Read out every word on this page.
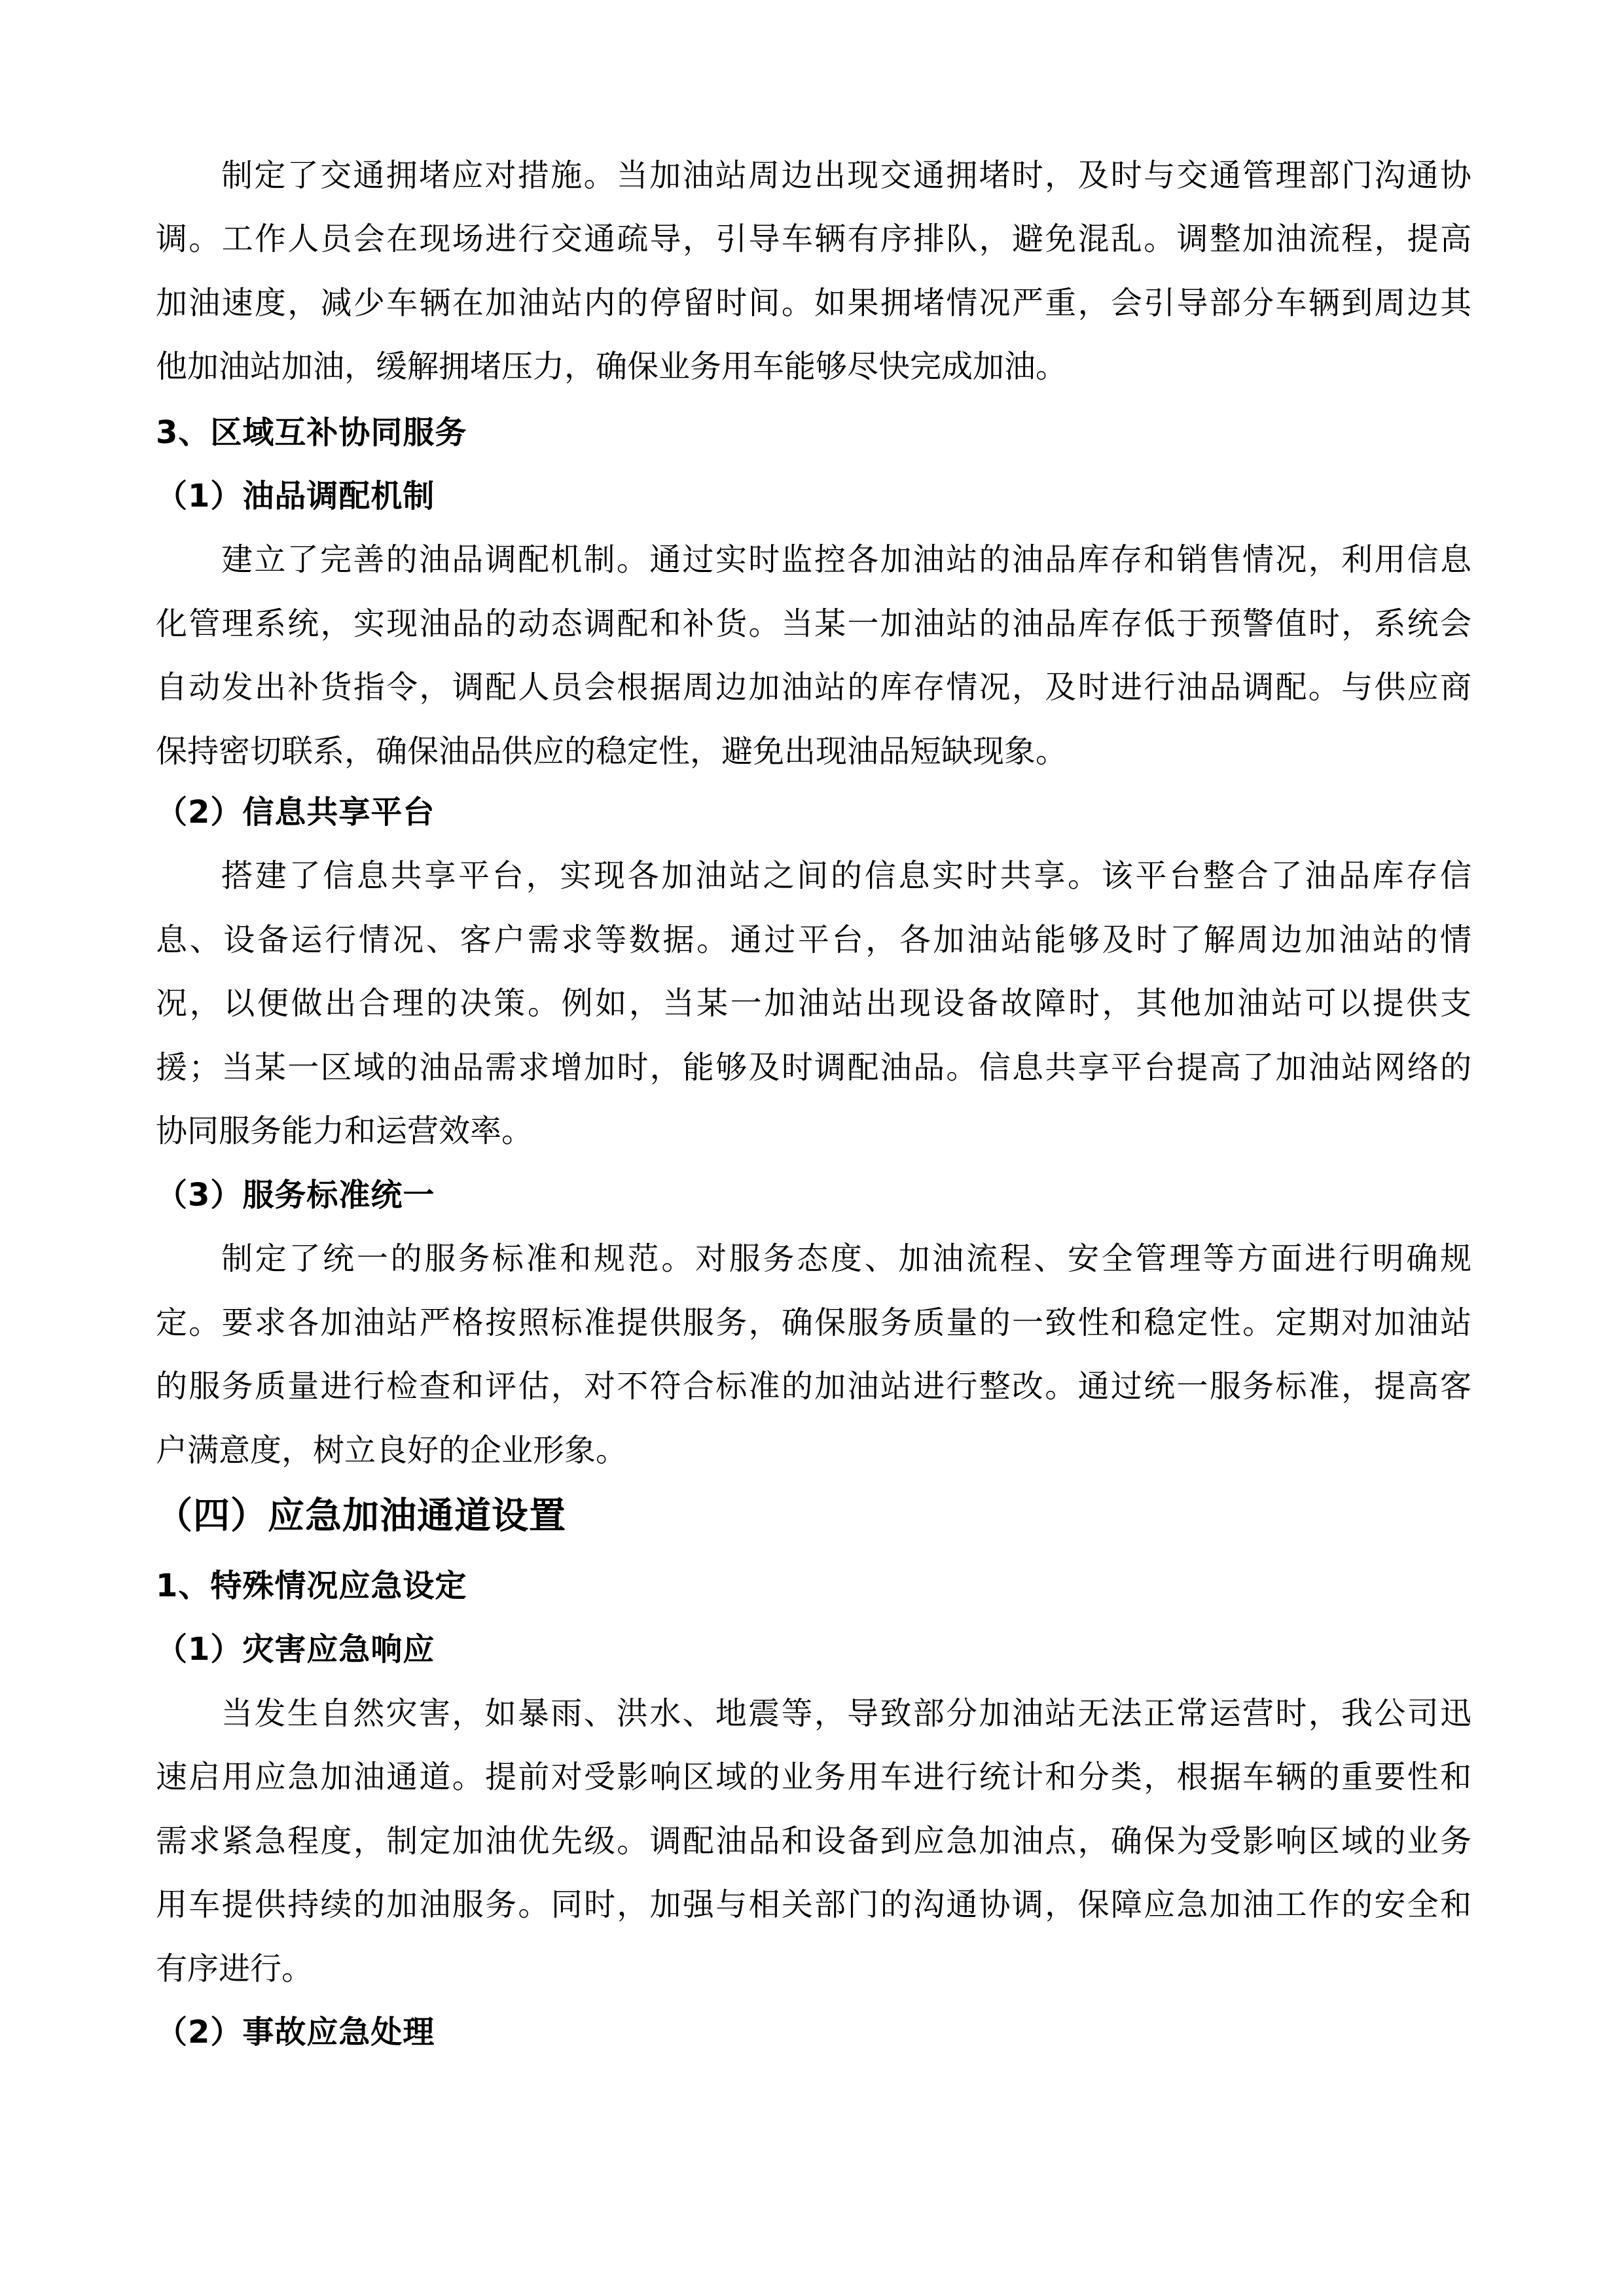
制定了交通拥堵应对措施。当加油站周边出现交通拥堵时，及时与交通管理部门沟通协
调。工作人员会在现场进行交通疏导，引导车辆有序排队，避免混乱。调整加油流程，提高
加油速度，减少车辆在加油站内的停留时间。如果拥堵情况严重，会引导部分车辆到周边其
他加油站加油，缓解拥堵压力，确保业务用车能够尽快完成加油。
3、区域互补协同服务
（1）油品调配机制
建立了完善的油品调配机制。通过实时监控各加油站的油品库存和销售情况，利用信息
化管理系统，实现油品的动态调配和补货。当某一加油站的油品库存低于预警值时，系统会
自动发出补货指令，调配人员会根据周边加油站的库存情况，及时进行油品调配。与供应商
保持密切联系，确保油品供应的稳定性，避免出现油品短缺现象。
（2）信息共享平台
搭建了信息共享平台，实现各加油站之间的信息实时共享。该平台整合了油品库存信
息、设备运行情况、客户需求等数据。通过平台，各加油站能够及时了解周边加油站的情
况，以便做出合理的决策。例如，当某一加油站出现设备故障时，其他加油站可以提供支
援；当某一区域的油品需求增加时，能够及时调配油品。信息共享平台提高了加油站网络的
协同服务能力和运营效率。
（3）服务标准统一
制定了统一的服务标准和规范。对服务态度、加油流程、安全管理等方面进行明确规
定。要求各加油站严格按照标准提供服务，确保服务质量的一致性和稳定性。定期对加油站
的服务质量进行检查和评估，对不符合标准的加油站进行整改。通过统一服务标准，提高客
户满意度，树立良好的企业形象。
（四）应急加油通道设置
1、特殊情况应急设定
（1）灾害应急响应
当发生自然灾害，如暴雨、洪水、地震等，导致部分加油站无法正常运营时，我公司迅
速启用应急加油通道。提前对受影响区域的业务用车进行统计和分类，根据车辆的重要性和
需求紧急程度，制定加油优先级。调配油品和设备到应急加油点，确保为受影响区域的业务
用车提供持续的加油服务。同时，加强与相关部门的沟通协调，保障应急加油工作的安全和
有序进行。
（2）事故应急处理
